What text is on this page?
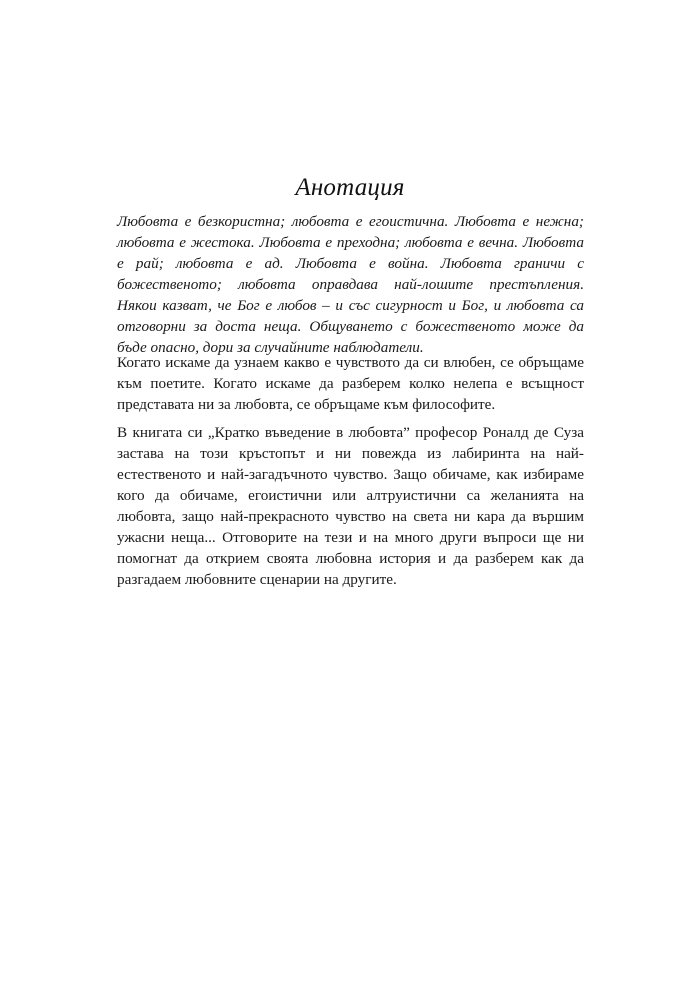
Анотация
Любовта е безкористна; любовта е егоистична. Любовта е нежна;
любовта е жестока. Любовта е преходна; любовта е вечна. Любовта
е рай; любовта е ад. Любовта е война. Любовта граничи с
божественото; любовта оправдава най-лошите престъпления.
Някои казват, че Бог е любов – и със сигурност и Бог, и любовта са
отговорни за доста неща. Общуването с божественото може да
бъде опасно, дори за случайните наблюдатели.
Когато искаме да узнаем какво е чувството да си влюбен, се обръщаме
към поетите. Когато искаме да разберем колко нелепа е всъщност
представата ни за любовта, се обръщаме към философите.
В книгата си „Кратко въведение в любовта” професор Роналд де Суза
застава на този кръстопът и ни повежда из лабиринта на най-
естественото и най-загадъчното чувство. Защо обичаме, как избираме
кого да обичаме, егоистични или алтруистични са желанията на
любовта, защо най-прекрасното чувство на света ни кара да вършим
ужасни неща... Отговорите на тези и на много други въпроси ще ни
помогнат да открием своята любовна история и да разберем как да
разгадаем любовните сценарии на другите.
